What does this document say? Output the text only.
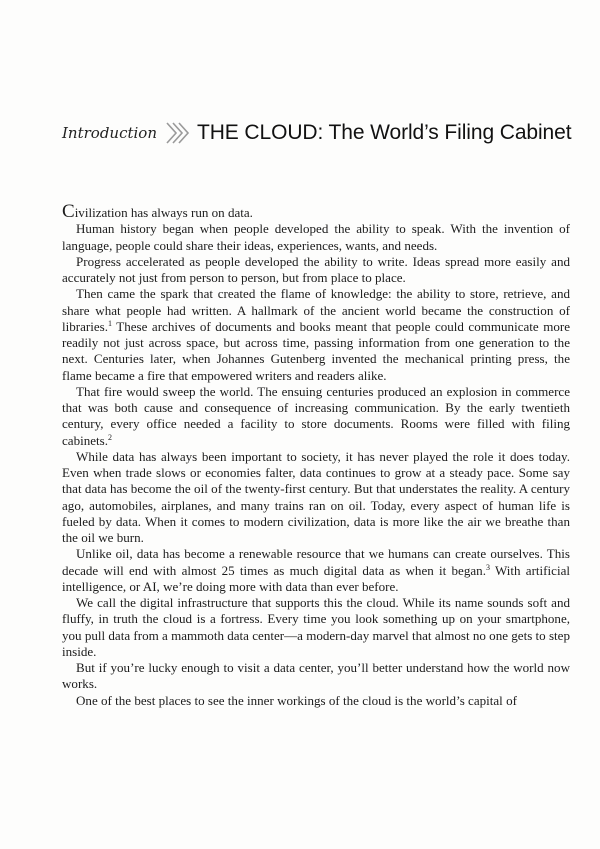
Introduction THE CLOUD: The World’s Filing Cabinet

Civilization has always run on data.

Human history began when people developed the ability to speak. With the invention of language, people could share their ideas, experiences, wants, and needs.

Progress accelerated as people developed the ability to write. Ideas spread more easily and accurately not just from person to person, but from place to place.

Then came the spark that created the flame of knowledge: the ability to store, retrieve, and share what people had written. A hallmark of the ancient world became the construction of libraries.$^1$ These archives of documents and books meant that people could communicate more readily not just across space, but across time, passing information from one generation to the next. Centuries later, when Johannes Gutenberg invented the mechanical printing press, the flame became a fire that empowered writers and readers alike.

That fire would sweep the world. The ensuing centuries produced an explosion in commerce that was both cause and consequence of increasing communication. By the early twentieth century, every office needed a facility to store documents. Rooms were filled with filing cabinets.$^2$

While data has always been important to society, it has never played the role it does today. Even when trade slows or economies falter, data continues to grow at a steady pace. Some say that data has become the oil of the twenty-first century. But that understates the reality. A century ago, automobiles, airplanes, and many trains ran on oil. Today, every aspect of human life is fueled by data. When it comes to modern civilization, data is more like the air we breathe than the oil we burn.

Unlike oil, data has become a renewable resource that we humans can create ourselves. This decade will end with almost 25 times as much digital data as when it began.$^3$ With artificial intelligence, or AI, we’re doing more with data than ever before.

We call the digital infrastructure that supports this the cloud. While its name sounds soft and fluffy, in truth the cloud is a fortress. Every time you look something up on your smartphone, you pull data from a mammoth data center—a modern-day marvel that almost no one gets to step inside.

But if you’re lucky enough to visit a data center, you’ll better understand how the world now works.

One of the best places to see the inner workings of the cloud is the world’s capital of
